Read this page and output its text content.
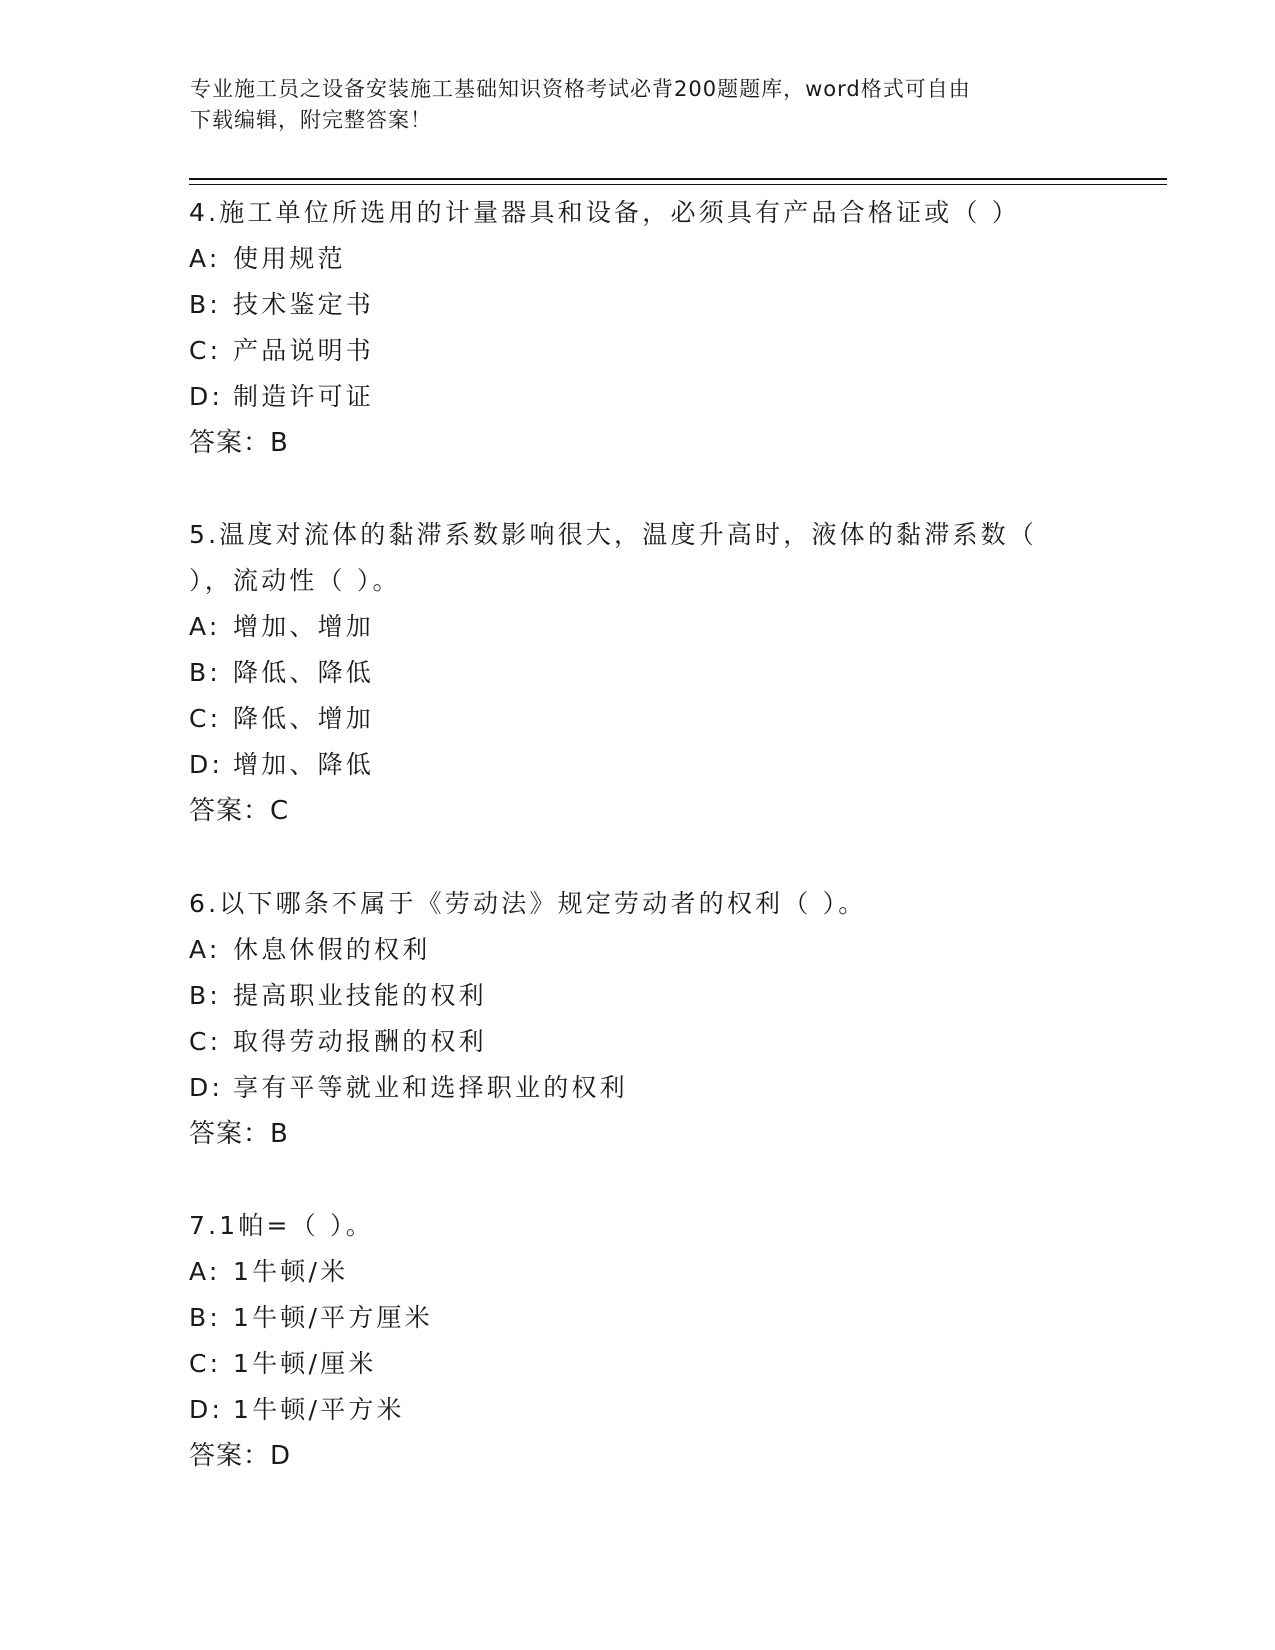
专业施工员之设备安装施工基础知识资格考试必背200题题库，word格式可自由
下载编辑，附完整答案！

4.施工单位所选用的计量器具和设备，必须具有产品合格证或（ ）

A: 使用规范

B: 技术鉴定书

C: 产品说明书

D: 制造许可证

答案：B

5.温度对流体的黏滞系数影响很大，温度升高时，液体的黏滞系数（

），流动性（ ）。

A: 增加、增加

B: 降低、降低

C: 降低、增加

D: 增加、降低

答案：C

6.以下哪条不属于《劳动法》规定劳动者的权利（ ）。

A: 休息休假的权利

B: 提高职业技能的权利

C: 取得劳动报酬的权利

D: 享有平等就业和选择职业的权利

答案：B

7.1帕=（ ）。

A: 1牛顿/米

B: 1牛顿/平方厘米

C: 1牛顿/厘米

D: 1牛顿/平方米

答案：D
